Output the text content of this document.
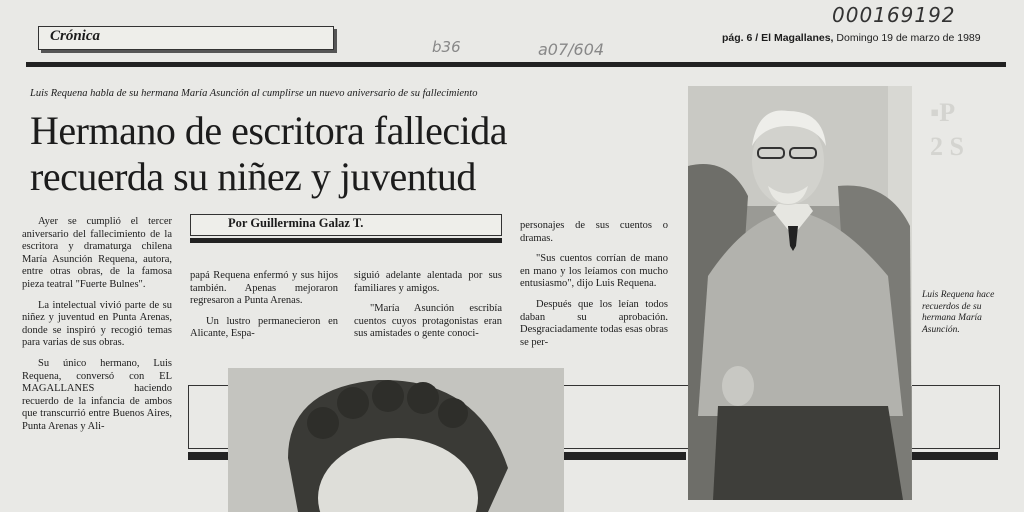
Crónica
000169192
b36	a07/604
pág. 6 / El Magallanes, Domingo 19 de marzo de 1989
▪P
2 S
Luis Requena habla de su hermana María Asunción al cumplirse un nuevo aniversario de su fallecimiento
Hermano de escritora fallecida
recuerda su niñez y juventud
Por Guillermina Galaz T.

Ayer se cumplió el tercer aniversario del fallecimiento de la escritora y dramaturga chilena María Asunción Requena, autora, entre otras obras, de la famosa pieza teatral "Fuerte Bulnes".

La intelectual vivió parte de su niñez y juventud en Punta Arenas, donde se inspiró y recogió temas para varias de sus obras.

Su único hermano, Luis Requena, conversó con EL MAGALLANES haciendo recuerdo de la infancia de ambos que transcurrió entre Buenos Aires, Punta Arenas y Ali-

papá Requena enfermó y sus hijos también. Apenas mejoraron regresaron a Punta Arenas.

Un lustro permanecieron en Alicante, Espa-

siguió adelante alentada por sus familiares y amigos.

"María Asunción escribía cuentos cuyos protagonistas eran sus amistades o gente conoci-

personajes de sus cuentos o dramas.

"Sus cuentos corrían de mano en mano y los leíamos con mucho entusiasmo", dijo Luis Requena.

Después que los leían todos daban su aprobación. Desgraciadamente todas esas obras se per-

Luis Requena hace recuerdos de su hermana María Asunción.
